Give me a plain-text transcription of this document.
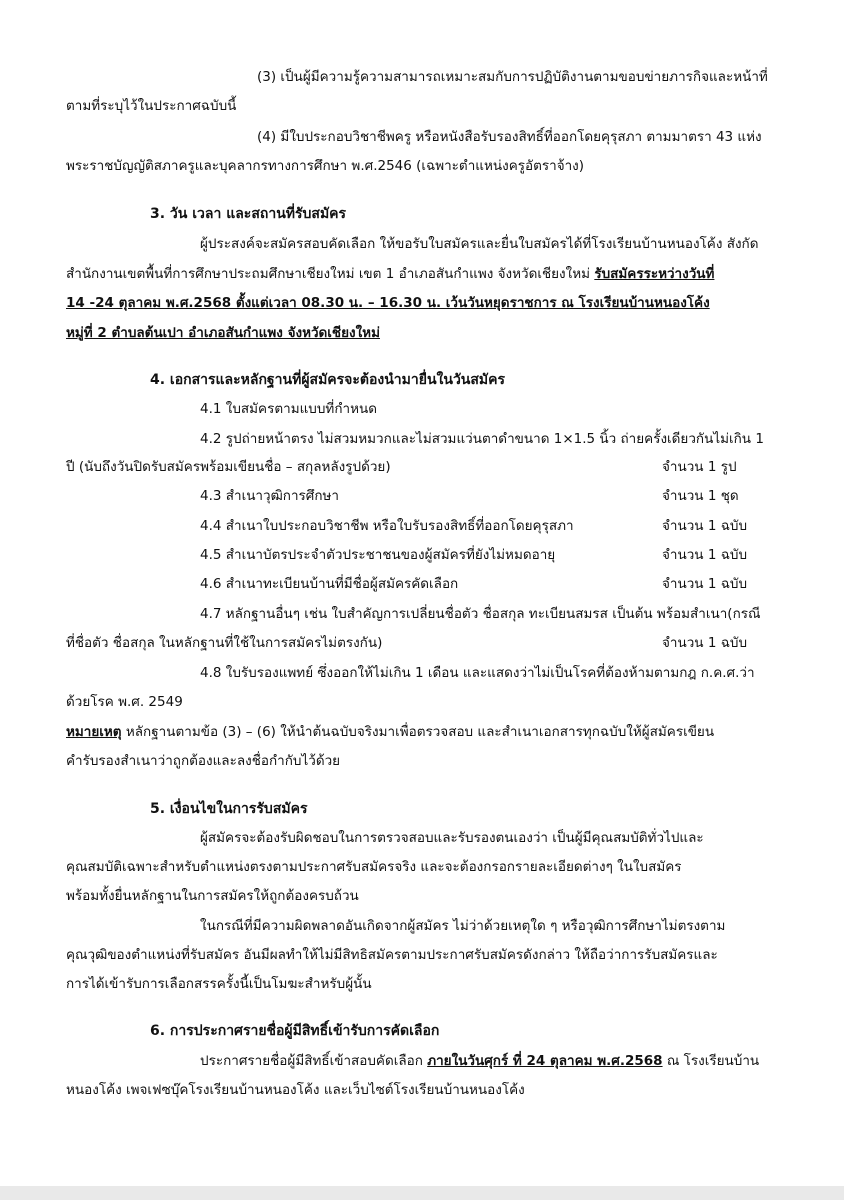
(3) เป็นผู้มีความรู้ความสามารถเหมาะสมกับการปฏิบัติงานตามขอบข่ายภารกิจและหน้าที่
ตามที่ระบุไว้ในประกาศฉบับนี้
(4) มีใบประกอบวิชาชีพครู หรือหนังสือรับรองสิทธิ์ที่ออกโดยคุรุสภา ตามมาตรา 43 แห่ง
พระราชบัญญัติสภาครูและบุคลากรทางการศึกษา พ.ศ.2546 (เฉพาะตำแหน่งครูอัตราจ้าง)
3. วัน เวลา และสถานที่รับสมัคร
ผู้ประสงค์จะสมัครสอบคัดเลือก ให้ขอรับใบสมัครและยื่นใบสมัครได้ที่โรงเรียนบ้านหนองโค้ง สังกัด
สำนักงานเขตพื้นที่การศึกษาประถมศึกษาเชียงใหม่ เขต 1 อำเภอสันกำแพง จังหวัดเชียงใหม่ รับสมัครระหว่างวันที่
14 -24 ตุลาคม พ.ศ.2568 ตั้งแต่เวลา 08.30 น. – 16.30 น. เว้นวันหยุดราชการ ณ โรงเรียนบ้านหนองโค้ง
หมู่ที่ 2 ตำบลต้นเปา อำเภอสันกำแพง จังหวัดเชียงใหม่
4. เอกสารและหลักฐานที่ผู้สมัครจะต้องนำมายื่นในวันสมัคร
4.1 ใบสมัครตามแบบที่กำหนด
4.2 รูปถ่ายหน้าตรง ไม่สวมหมวกและไม่สวมแว่นตาดำขนาด 1×1.5 นิ้ว ถ่ายครั้งเดียวกันไม่เกิน 1
ปี (นับถึงวันปิดรับสมัครพร้อมเขียนชื่อ – สกุลหลังรูปด้วย)	จำนวน 1 รูป
4.3 สำเนาวุฒิการศึกษา	จำนวน 1 ชุด
4.4 สำเนาใบประกอบวิชาชีพ หรือใบรับรองสิทธิ์ที่ออกโดยคุรุสภา	จำนวน 1 ฉบับ
4.5 สำเนาบัตรประจำตัวประชาชนของผู้สมัครที่ยังไม่หมดอายุ	จำนวน 1 ฉบับ
4.6 สำเนาทะเบียนบ้านที่มีชื่อผู้สมัครคัดเลือก	จำนวน 1 ฉบับ
4.7 หลักฐานอื่นๆ เช่น ใบสำคัญการเปลี่ยนชื่อตัว ชื่อสกุล ทะเบียนสมรส เป็นต้น พร้อมสำเนา(กรณี
ที่ชื่อตัว ชื่อสกุล ในหลักฐานที่ใช้ในการสมัครไม่ตรงกัน)	จำนวน 1 ฉบับ
4.8 ใบรับรองแพทย์ ซึ่งออกให้ไม่เกิน 1 เดือน และแสดงว่าไม่เป็นโรคที่ต้องห้ามตามกฎ ก.ค.ศ.ว่า
ด้วยโรค พ.ศ. 2549
หมายเหตุ หลักฐานตามข้อ (3) – (6) ให้นำต้นฉบับจริงมาเพื่อตรวจสอบ และสำเนาเอกสารทุกฉบับให้ผู้สมัครเขียน
คำรับรองสำเนาว่าถูกต้องและลงชื่อกำกับไว้ด้วย
5. เงื่อนไขในการรับสมัคร
ผู้สมัครจะต้องรับผิดชอบในการตรวจสอบและรับรองตนเองว่า เป็นผู้มีคุณสมบัติทั่วไปและ
คุณสมบัติเฉพาะสำหรับตำแหน่งตรงตามประกาศรับสมัครจริง และจะต้องกรอกรายละเอียดต่างๆ ในใบสมัคร
พร้อมทั้งยื่นหลักฐานในการสมัครให้ถูกต้องครบถ้วน
ในกรณีที่มีความผิดพลาดอันเกิดจากผู้สมัคร ไม่ว่าด้วยเหตุใด ๆ หรือวุฒิการศึกษาไม่ตรงตาม
คุณวุฒิของตำแหน่งที่รับสมัคร อันมีผลทำให้ไม่มีสิทธิสมัครตามประกาศรับสมัครดังกล่าว ให้ถือว่าการรับสมัครและ
การได้เข้ารับการเลือกสรรครั้งนี้เป็นโมฆะสำหรับผู้นั้น
6. การประกาศรายชื่อผู้มีสิทธิ์เข้ารับการคัดเลือก
ประกาศรายชื่อผู้มีสิทธิ์เข้าสอบคัดเลือก ภายในวันศุกร์ ที่ 24 ตุลาคม พ.ศ.2568 ณ โรงเรียนบ้าน
หนองโค้ง เพจเฟซบุ๊คโรงเรียนบ้านหนองโค้ง และเว็บไซต์โรงเรียนบ้านหนองโค้ง
